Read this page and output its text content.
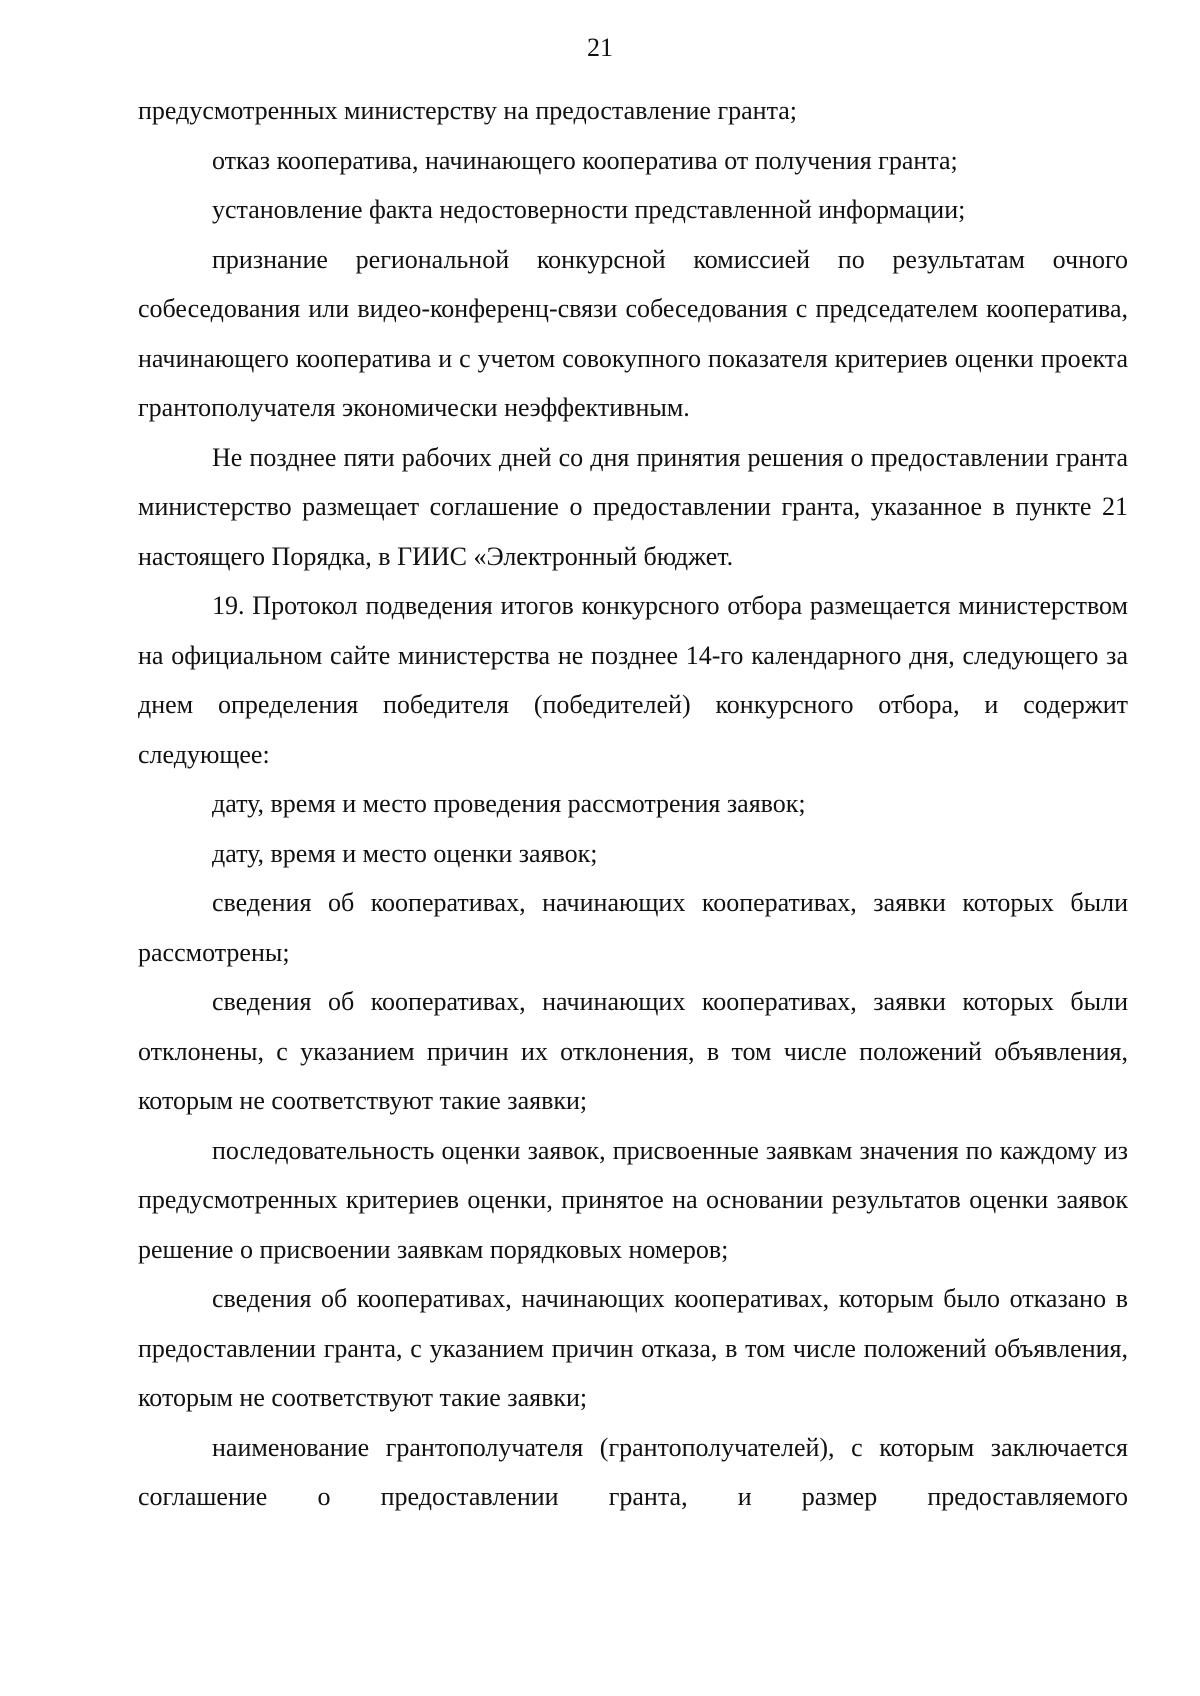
21

предусмотренных министерству на предоставление гранта;

отказ кооператива, начинающего кооператива от получения гранта;

установление факта недостоверности представленной информации;

признание региональной конкурсной комиссией по результатам очного собеседования или видео-конференц-связи собеседования с председателем кооператива, начинающего кооператива и с учетом совокупного показателя критериев оценки проекта грантополучателя экономически неэффективным.

Не позднее пяти рабочих дней со дня принятия решения о предоставлении гранта министерство размещает соглашение о предоставлении гранта, указанное в пункте 21 настоящего Порядка, в ГИИС «Электронный бюджет.

19. Протокол подведения итогов конкурсного отбора размещается министерством на официальном сайте министерства не позднее 14-го календарного дня, следующего за днем определения победителя (победителей) конкурсного отбора, и содержит следующее:

дату, время и место проведения рассмотрения заявок;

дату, время и место оценки заявок;

сведения об кооперативах, начинающих кооперативах, заявки которых были рассмотрены;

сведения об кооперативах, начинающих кооперативах, заявки которых были отклонены, с указанием причин их отклонения, в том числе положений объявления, которым не соответствуют такие заявки;

последовательность оценки заявок, присвоенные заявкам значения по каждому из предусмотренных критериев оценки, принятое на основании результатов оценки заявок решение о присвоении заявкам порядковых номеров;

сведения об кооперативах, начинающих кооперативах, которым было отказано в предоставлении гранта, с указанием причин отказа, в том числе положений объявления, которым не соответствуют такие заявки;

наименование грантополучателя (грантополучателей), с которым заключается соглашение о предоставлении гранта, и размер предоставляемого
